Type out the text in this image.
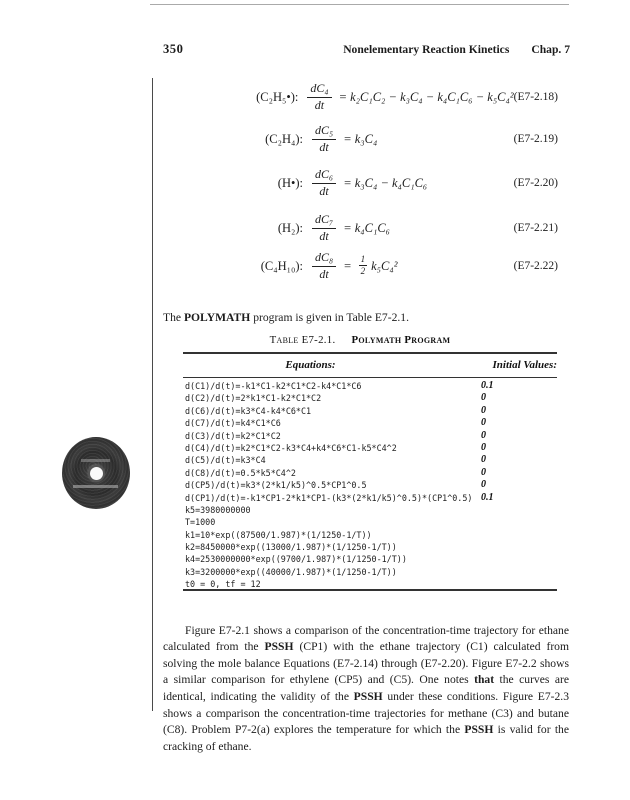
350	Nonelementary Reaction Kinetics Chap. 7
(C₂H₅•): $\frac{\text{dC₄}}{dt} = k_2C_1C_2 - k_3C_4 - k_4C_1C_6 - k_5C_4^2$ (E7-2.18)
(C₂H₄): $\frac{\text{dC₅}}{dt} = k_3C_4$	(E7-2.19)
(H•): $\frac{\text{dC₆}}{dt} = k_3C_4 - k_4C_1C_6$	(E7-2.20)
(H₂): $\frac{\text{dC₇}}{dt} = k_4C_1C_6$	(E7-2.21)
(C₄H₁₀): $\frac{\text{dC₈}}{dt} = \frac{1}{2} k_5C_4^2$	(E7-2.22)

The POLYMATH program is given in Table E7-2.1.

Table E7-2.1. Polymath Program
Equations:	Initial Values:
d(C1)/d(t)=-k1*C1-k2*C1*C2-k4*C1*C6	0.1
d(C2)/d(t)=2*k1*C1-k2*C1*C2	0
d(C6)/d(t)=k3*C4-k4*C6*C1	0
d(C7)/d(t)=k4*C1*C6	0
d(C3)/d(t)=k2*C1*C2	0
d(C4)/d(t)=k2*C1*C2-k3*C4+k4*C6*C1-k5*C4^2	0
d(C5)/d(t)=k3*C4	0
d(C8)/d(t)=0.5*k5*C4^2	0
d(CP5)/d(t)=k3*(2*k1/k5)^0.5*CP1^0.5	0
d(CP1)/d(t)=-k1*CP1-2*k1*CP1-(k3*(2*k1/k5)^0.5)*(CP1^0.5) 0.1
k5=3980000000
T=1000
k1=10*exp((87500/1.987)*(1/1250-1/T))
k2=8450000*exp((13000/1.987)*(1/1250-1/T))
k4=2530000000*exp((9700/1.987)*(1/1250-1/T))
k3=3200000*exp((40000/1.987)*(1/1250-1/T))
t0 = 0, tf = 12

Figure E7-2.1 shows a comparison of the concentration-time trajectory for ethane calculated from the PSSH (CP1) with the ethane trajectory (C1) calculated from solving the mole balance Equations (E7-2.14) through (E7-2.20). Figure E7-2.2 shows a similar comparison for ethylene (CP5) and (C5). One notes that the curves are identical, indicating the validity of the PSSH under these conditions. Figure E7-2.3 shows a comparison the concentration-time trajectories for methane (C3) and butane (C8). Problem P7-2(a) explores the temperature for which the PSSH is valid for the cracking of ethane.
